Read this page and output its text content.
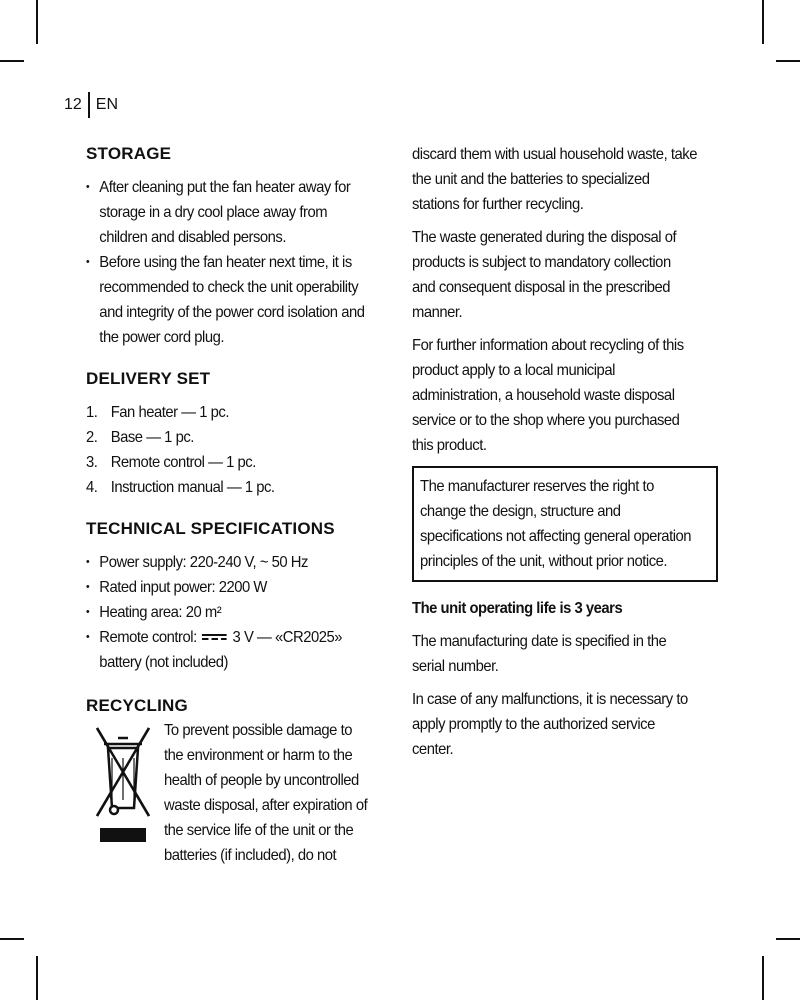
12 EN
STORAGE
• After cleaning put the fan heater away for storage in a dry cool place away from children and disabled persons.
• Before using the fan heater next time, it is recommended to check the unit operability and integrity of the power cord isolation and the power cord plug.
DELIVERY SET
1. Fan heater — 1 pc.
2. Base — 1 pc.
3. Remote control — 1 pc.
4. Instruction manual — 1 pc.
TECHNICAL SPECIFICATIONS
• Power supply: 220-240 V, ~ 50 Hz
• Rated input power: 2200 W
• Heating area: 20 m²
• Remote control: 3 V — «CR2025» battery (not included)
RECYCLING
To prevent possible damage to the environment or harm to the health of people by uncontrolled waste disposal, after expiration of the service life of the unit or the batteries (if included), do not
discard them with usual household waste, take the unit and the batteries to specialized stations for further recycling.
The waste generated during the disposal of products is subject to mandatory collection and consequent disposal in the prescribed manner.
For further information about recycling of this product apply to a local municipal administration, a household waste disposal service or to the shop where you purchased this product.
The manufacturer reserves the right to change the design, structure and specifications not affecting general operation principles of the unit, without prior notice.
The unit operating life is 3 years
The manufacturing date is specified in the serial number.
In case of any malfunctions, it is necessary to apply promptly to the authorized service center.
